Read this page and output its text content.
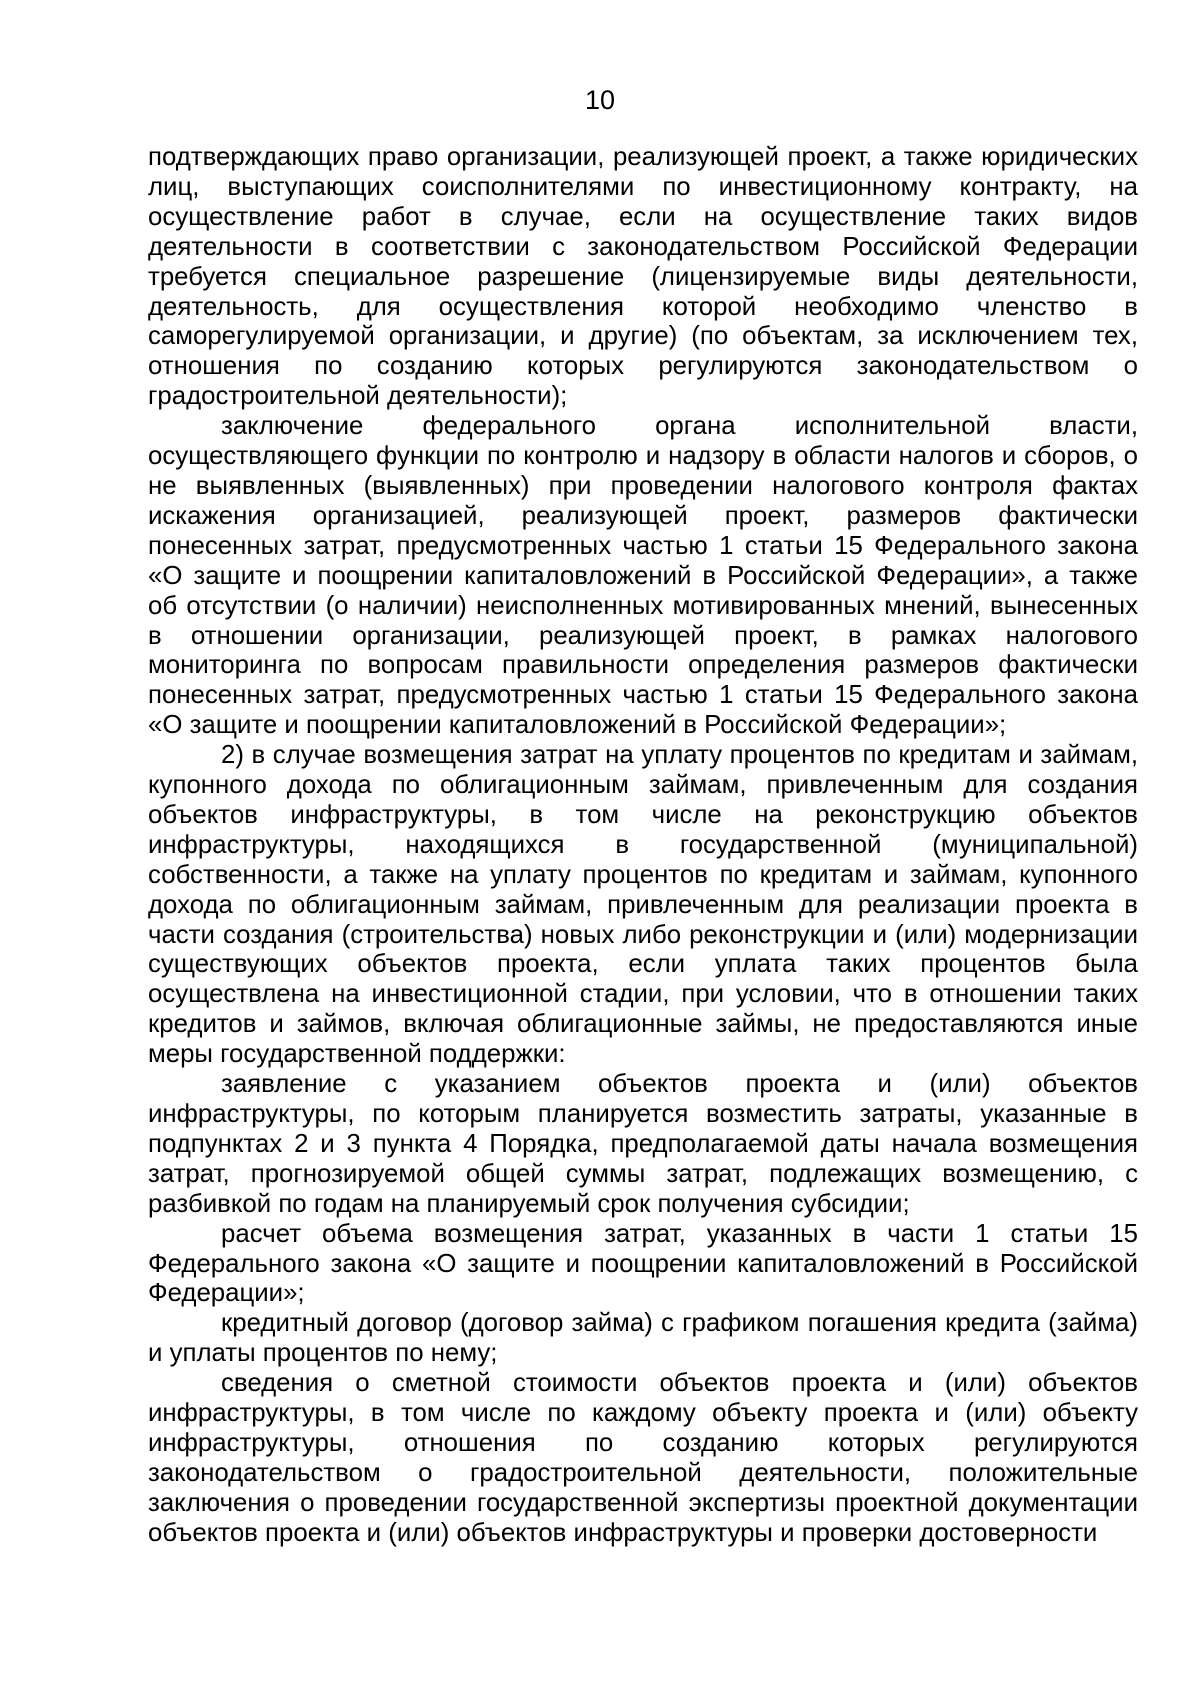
10

подтверждающих право организации, реализующей проект, а также юридических лиц, выступающих соисполнителями по инвестиционному контракту, на осуществление работ в случае, если на осуществление таких видов деятельности в соответствии с законодательством Российской Федерации требуется специальное разрешение (лицензируемые виды деятельности, деятельность, для осуществления которой необходимо членство в саморегулируемой организации, и другие) (по объектам, за исключением тех, отношения по созданию которых регулируются законодательством о градостроительной деятельности);

заключение федерального органа исполнительной власти, осуществляющего функции по контролю и надзору в области налогов и сборов, о не выявленных (выявленных) при проведении налогового контроля фактах искажения организацией, реализующей проект, размеров фактически понесенных затрат, предусмотренных частью 1 статьи 15 Федерального закона «О защите и поощрении капиталовложений в Российской Федерации», а также об отсутствии (о наличии) неисполненных мотивированных мнений, вынесенных в отношении организации, реализующей проект, в рамках налогового мониторинга по вопросам правильности определения размеров фактически понесенных затрат, предусмотренных частью 1 статьи 15 Федерального закона «О защите и поощрении капиталовложений в Российской Федерации»;

2) в случае возмещения затрат на уплату процентов по кредитам и займам, купонного дохода по облигационным займам, привлеченным для создания объектов инфраструктуры, в том числе на реконструкцию объектов инфраструктуры, находящихся в государственной (муниципальной) собственности, а также на уплату процентов по кредитам и займам, купонного дохода по облигационным займам, привлеченным для реализации проекта в части создания (строительства) новых либо реконструкции и (или) модернизации существующих объектов проекта, если уплата таких процентов была осуществлена на инвестиционной стадии, при условии, что в отношении таких кредитов и займов, включая облигационные займы, не предоставляются иные меры государственной поддержки:

заявление с указанием объектов проекта и (или) объектов инфраструктуры, по которым планируется возместить затраты, указанные в подпунктах 2 и 3 пункта 4 Порядка, предполагаемой даты начала возмещения затрат, прогнозируемой общей суммы затрат, подлежащих возмещению, с разбивкой по годам на планируемый срок получения субсидии;

расчет объема возмещения затрат, указанных в части 1 статьи 15 Федерального закона «О защите и поощрении капиталовложений в Российской Федерации»;

кредитный договор (договор займа) с графиком погашения кредита (займа) и уплаты процентов по нему;

сведения о сметной стоимости объектов проекта и (или) объектов инфраструктуры, в том числе по каждому объекту проекта и (или) объекту инфраструктуры, отношения по созданию которых регулируются законодательством о градостроительной деятельности, положительные заключения о проведении государственной экспертизы проектной документации объектов проекта и (или) объектов инфраструктуры и проверки достоверности
